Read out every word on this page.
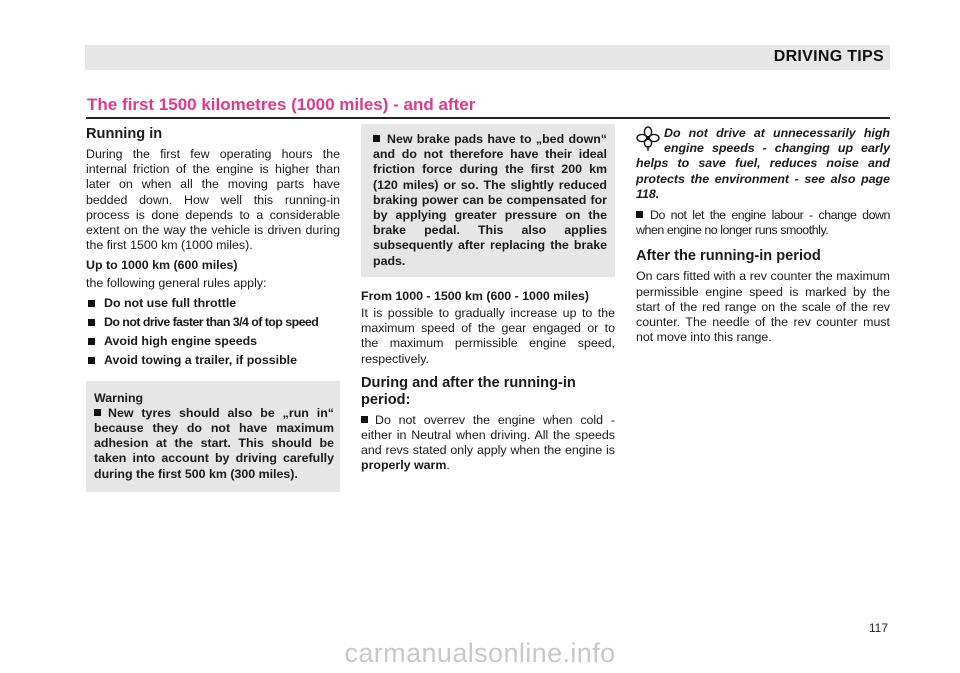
DRIVING TIPS
The first 1500 kilometres (1000 miles) - and after
Running in

During the first few operating hours the internal friction of the engine is higher than later on when all the moving parts have bedded down. How well this running-in process is done depends to a considerable extent on the way the vehicle is driven during the first 1500 km (1000 miles).

Up to 1000 km (600 miles)

the following general rules apply:

Do not use full throttle
Do not drive faster than 3/4 of top speed
Avoid high engine speeds
Avoid towing a trailer, if possible
Warning
New tyres should also be „run in“ because they do not have maximum adhesion at the start. This should be taken into account by driving carefully during the first 500 km (300 miles).
New brake pads have to „bed down“ and do not therefore have their ideal friction force during the first 200 km (120 miles) or so. The slightly reduced braking power can be compensated for by applying greater pressure on the brake pedal. This also applies subsequently after replacing the brake pads.
From 1000 - 1500 km (600 - 1000 miles)

It is possible to gradually increase up to the maximum speed of the gear engaged or to the maximum permissible engine speed, respectively.

During and after the running-in period:

Do not overrev the engine when cold - either in Neutral when driving. All the speeds and revs stated only apply when the engine is properly warm.

Do not drive at unnecessarily high engine speeds - changing up early helps to save fuel, reduces noise and protects the environment - see also page 118.

Do not let the engine labour - change down when engine no longer runs smoothly.

After the running-in period

On cars fitted with a rev counter the maximum permissible engine speed is marked by the start of the red range on the scale of the rev counter. The needle of the rev counter must not move into this range.

117
carmanualsonline.info
